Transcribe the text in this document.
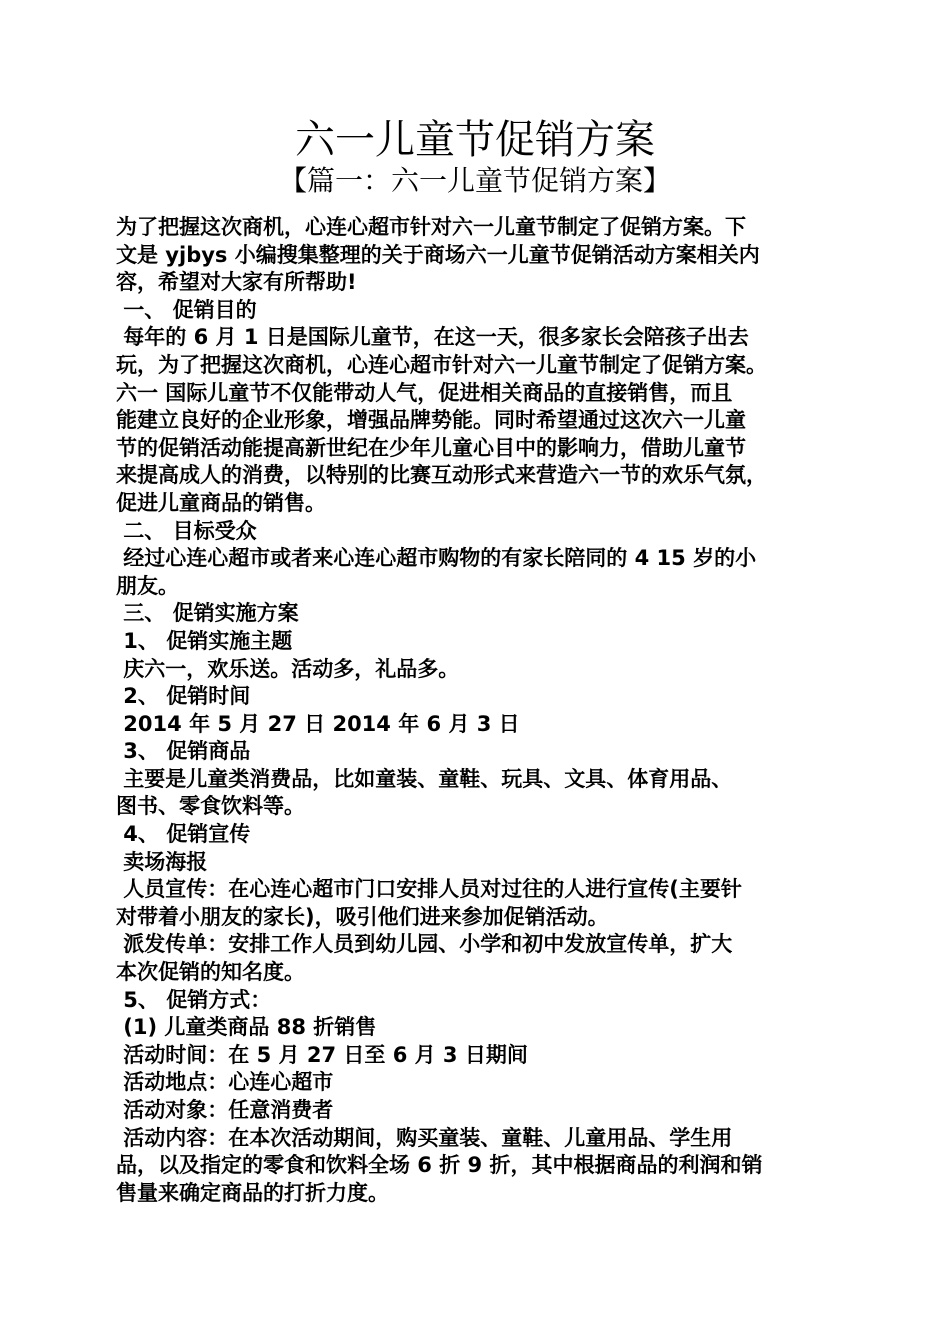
六一儿童节促销方案
【篇一：六一儿童节促销方案】
为了把握这次商机，心连心超市针对六一儿童节制定了促销方案。下
文是 yjbys 小编搜集整理的关于商场六一儿童节促销活动方案相关内
容，希望对大家有所帮助!
一、 促销目的
每年的 6 月 1 日是国际儿童节，在这一天，很多家长会陪孩子出去
玩，为了把握这次商机，心连心超市针对六一儿童节制定了促销方案。
六一 国际儿童节不仅能带动人气，促进相关商品的直接销售，而且
能建立良好的企业形象，增强品牌势能。同时希望通过这次六一儿童
节的促销活动能提高新世纪在少年儿童心目中的影响力，借助儿童节
来提高成人的消费，以特别的比赛互动形式来营造六一节的欢乐气氛，
促进儿童商品的销售。
二、 目标受众
经过心连心超市或者来心连心超市购物的有家长陪同的 4 15 岁的小
朋友。
三、 促销实施方案
1、 促销实施主题
庆六一，欢乐送。活动多，礼品多。
2、 促销时间
2014 年 5 月 27 日 2014 年 6 月 3 日
3、 促销商品
主要是儿童类消费品，比如童装、童鞋、玩具、文具、体育用品、
图书、零食饮料等。
4、 促销宣传
卖场海报
人员宣传：在心连心超市门口安排人员对过往的人进行宣传(主要针
对带着小朋友的家长)，吸引他们进来参加促销活动。
派发传单：安排工作人员到幼儿园、小学和初中发放宣传单，扩大
本次促销的知名度。
5、 促销方式：
(1) 儿童类商品 88 折销售
活动时间：在 5 月 27 日至 6 月 3 日期间
活动地点：心连心超市
活动对象：任意消费者
活动内容：在本次活动期间，购买童装、童鞋、儿童用品、学生用
品，以及指定的零食和饮料全场 6 折 9 折，其中根据商品的利润和销
售量来确定商品的打折力度。
